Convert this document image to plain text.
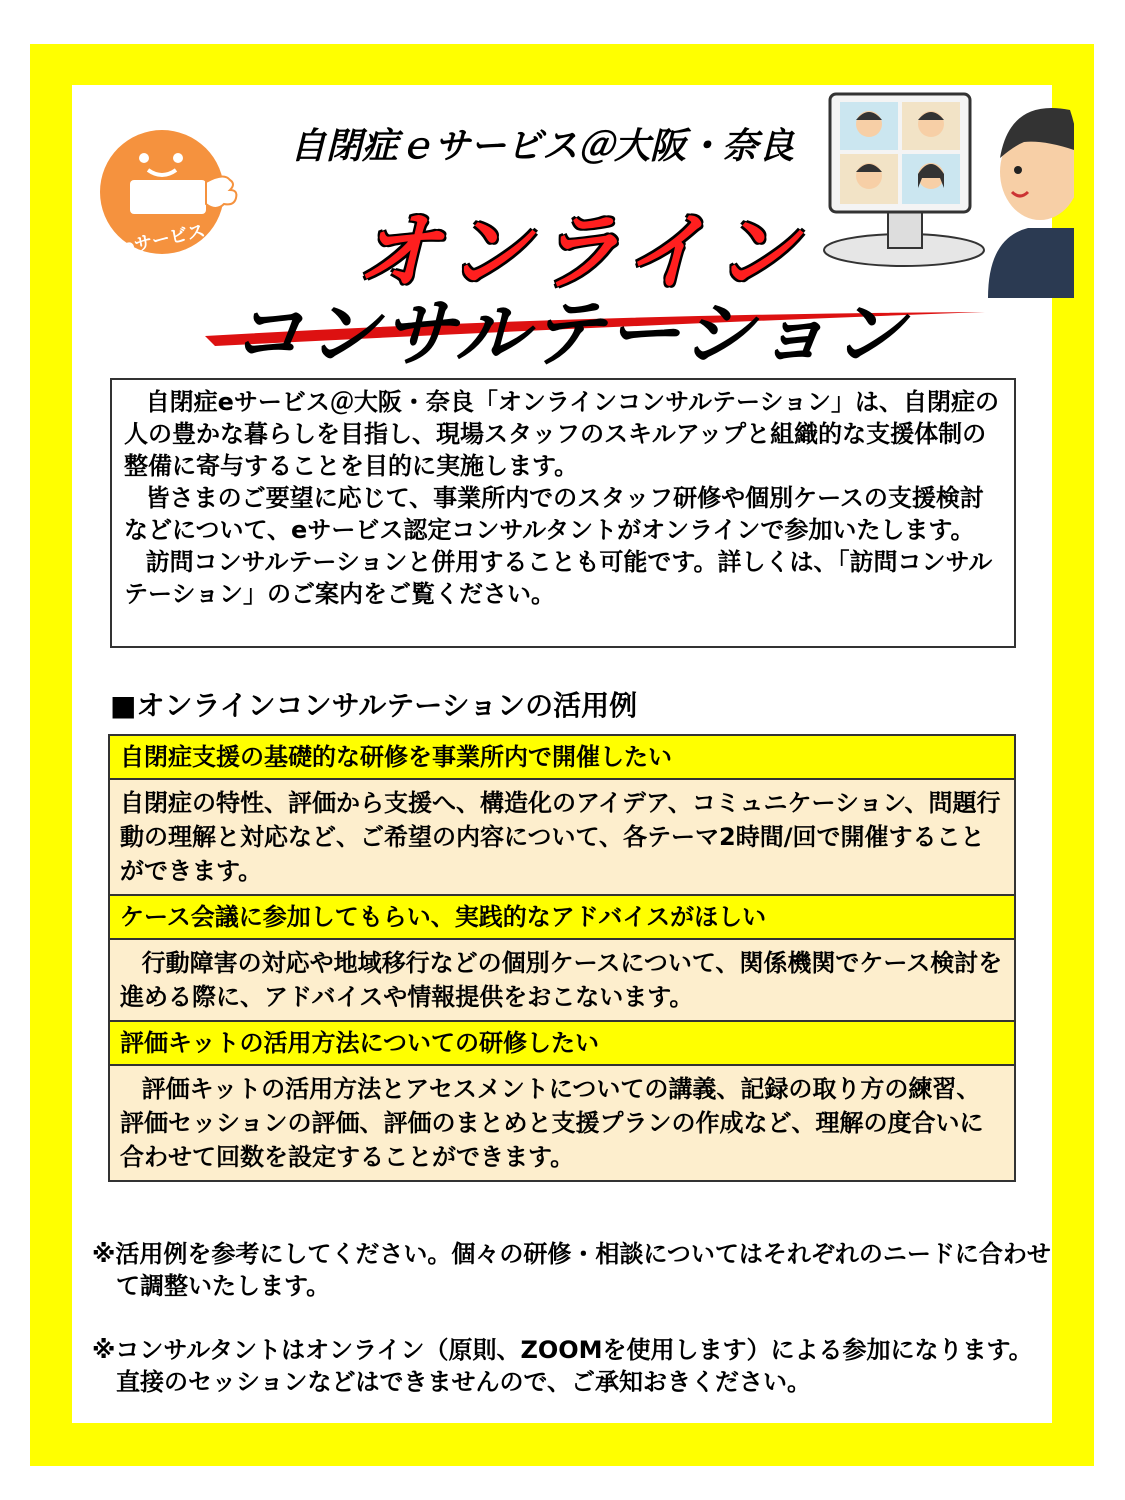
eサービス
自閉症ｅサービス＠大阪・奈良
オンライン
コンサルテーション

自閉症eサービス＠大阪・奈良「オンラインコンサルテーション」は、自閉症の人の豊かな暮らしを目指し、現場スタッフのスキルアップと組織的な支援体制の整備に寄与することを目的に実施します。

皆さまのご要望に応じて、事業所内でのスタッフ研修や個別ケースの支援検討などについて、eサービス認定コンサルタントがオンラインで参加いたします。

訪問コンサルテーションと併用することも可能です。詳しくは、「訪問コンサルテーション」のご案内をご覧ください。

■オンラインコンサルテーションの活用例
自閉症支援の基礎的な研修を事業所内で開催したい
自閉症の特性、評価から支援へ、構造化のアイデア、コミュニケーション、問題行動の理解と対応など、ご希望の内容について、各テーマ2時間/回で開催することができます。
ケース会議に参加してもらい、実践的なアドバイスがほしい
行動障害の対応や地域移行などの個別ケースについて、関係機関でケース検討を進める際に、アドバイスや情報提供をおこないます。
評価キットの活用方法についての研修したい
評価キットの活用方法とアセスメントについての講義、記録の取り方の練習、評価セッションの評価、評価のまとめと支援プランの作成など、理解の度合いに合わせて回数を設定することができます。

※活用例を参考にしてください。個々の研修・相談についてはそれぞれのニードに合わせて調整いたします。

※コンサルタントはオンライン（原則、ZOOMを使用します）による参加になります。直接のセッションなどはできませんので、ご承知おきください。
